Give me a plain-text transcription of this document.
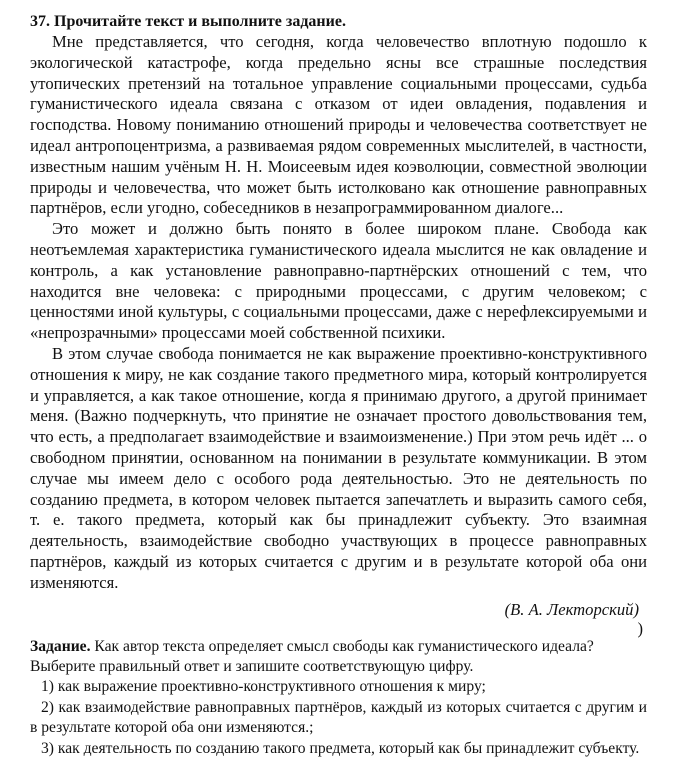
37. Прочитайте текст и выполните задание.

Мне представляется, что сегодня, когда человечество вплотную подошло к экологической катастрофе, когда предельно ясны все страшные последствия утопических претензий на тотальное управление социальными процессами, судьба гуманистического идеала связана с отказом от идеи овладения, подавления и господства. Новому пониманию отношений природы и человечества соответствует не идеал антропоцентризма, а развиваемая рядом современных мыслителей, в частности, известным нашим учёным Н. Н. Моисеевым идея коэволюции, совместной эволюции природы и человечества, что может быть истолковано как отношение равноправных партнёров, если угодно, собеседников в незапрограммированном диалоге...

Это может и должно быть понято в более широком плане. Свобода как неотъемлемая характеристика гуманистического идеала мыслится не как овладение и контроль, а как установление равноправно-партнёрских отношений с тем, что находится вне человека: с природными процессами, с другим человеком; с ценностями иной культуры, с социальными процессами, даже с нерефлексируемыми и «непрозрачными» процессами моей собственной психики.

В этом случае свобода понимается не как выражение проективно-конструктивного отношения к миру, не как создание такого предметного мира, который контролируется и управляется, а как такое отношение, когда я принимаю другого, а другой принимает меня. (Важно подчеркнуть, что принятие не означает простого довольствования тем, что есть, а предполагает взаимодействие и взаимоизменение.) При этом речь идёт ... о свободном принятии, основанном на понимании в результате коммуникации. В этом случае мы имеем дело с особого рода деятельностью. Это не деятельность по созданию предмета, в котором человек пытается запечатлеть и выразить самого себя, т. е. такого предмета, который как бы принадлежит субъекту. Это взаимная деятельность, взаимодействие свободно участвующих в процессе равноправных партнёров, каждый из которых считается с другим и в результате которой оба они изменяются.

(В. А. Лекторский)

)

Задание. Как автор текста определяет смысл свободы как гуманистического идеала? Выберите правильный ответ и запишите соответствующую цифру.

1) как выражение проективно-конструктивного отношения к миру;

2) как взаимодействие равноправных партнёров, каждый из которых считается с другим и в результате которой оба они изменяются.;

3) как деятельность по созданию такого предмета, который как бы принадлежит субъекту.
